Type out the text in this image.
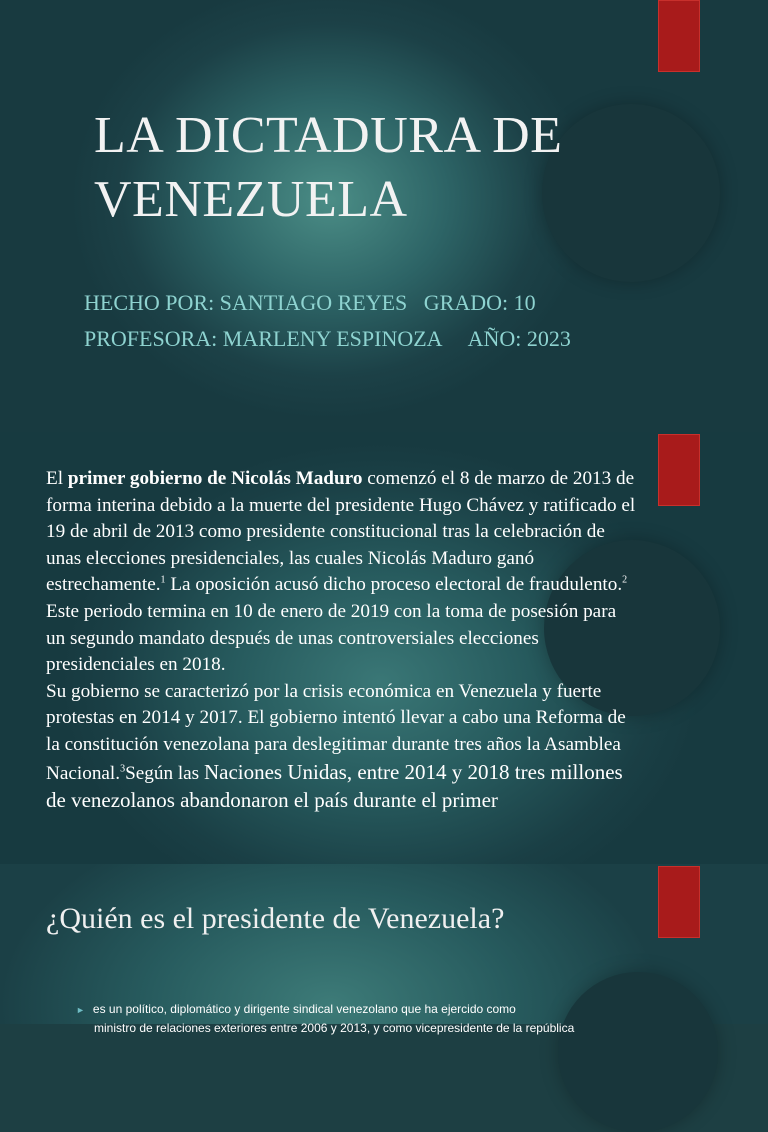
LA DICTADURA DE
VENEZUELA
HECHO POR: SANTIAGO REYES   GRADO: 10
PROFESORA: MARLENY ESPINOZA     AÑO: 2023

El primer gobierno de Nicolás Maduro comenzó el 8 de marzo de 2013 de forma interina debido a la muerte del presidente Hugo Chávez y ratificado el 19 de abril de 2013 como presidente constitucional tras la celebración de unas elecciones presidenciales, las cuales Nicolás Maduro ganó estrechamente.$^1$ La oposición acusó dicho proceso electoral de fraudulento.$^2$ Este periodo termina en 10 de enero de 2019 con la toma de posesión para un segundo mandato después de unas controversiales elecciones presidenciales en 2018.

Su gobierno se caracterizó por la crisis económica en Venezuela y fuerte protestas en 2014 y 2017. El gobierno intentó llevar a cabo una Reforma de la constitución venezolana para deslegitimar durante tres años la Asamblea Nacional.$^3$Según las Naciones Unidas, entre 2014 y 2018 tres millones de venezolanos abandonaron el país durante el primer

¿Quién es el presidente de Venezuela?
► es un político, diplomático y dirigente sindical venezolano que ha ejercido como
ministro de relaciones exteriores entre 2006 y 2013, y como vicepresidente de la república
